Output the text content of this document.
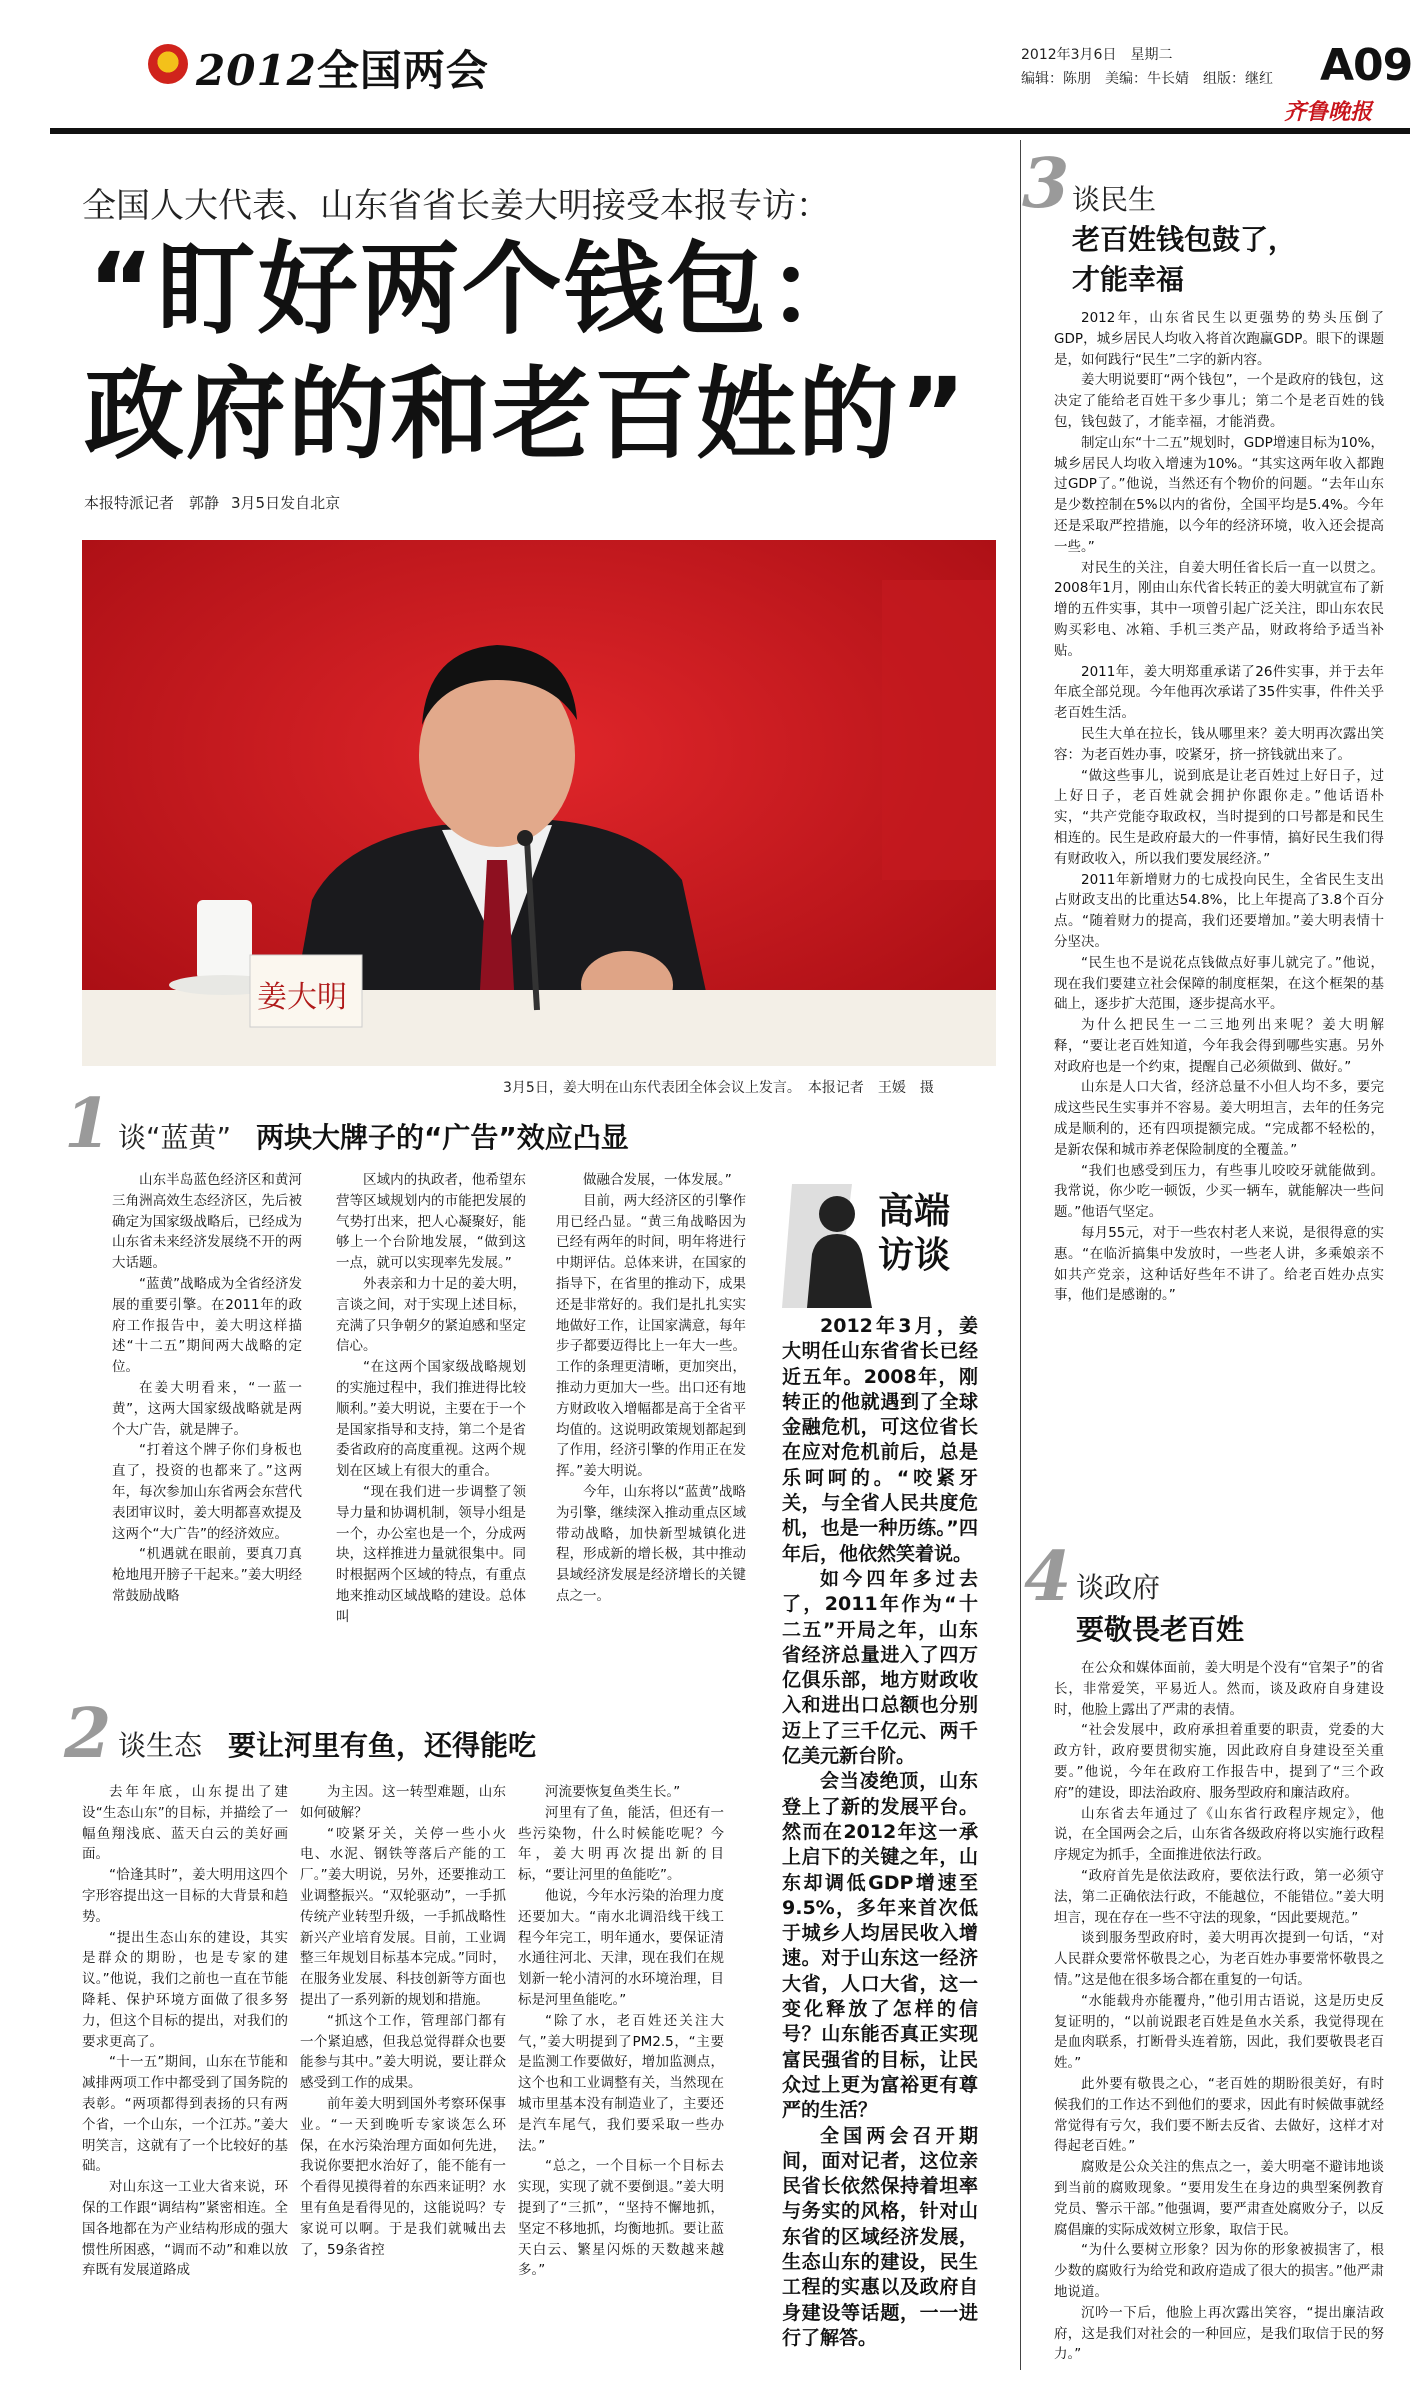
2012全国两会	2012年3月6日　 星期二
编辑：陈朋　美编：牛长婧　组版：继红 A09
齐鲁晚报
全国人大代表、山东省省长姜大明接受本报专访：
“盯好两个钱包：
政府的和老百姓的”
本报特派记者　郭静 3月5日发自北京
姜大明
3月5日，姜大明在山东代表团全体会议上发言。　本报记者　王媛　摄
3 谈民生
老百姓钱包鼓了，
才能幸福

2012年，山东省民生以更强势的势头压倒了GDP，城乡居民人均收入将首次跑赢GDP。眼下的课题是，如何践行“民生”二字的新内容。

姜大明说要盯“两个钱包”，一个是政府的钱包，这决定了能给老百姓干多少事儿；第二个是老百姓的钱包，钱包鼓了，才能幸福，才能消费。

制定山东“十二五”规划时，GDP增速目标为10%，城乡居民人均收入增速为10%。“其实这两年收入都跑过GDP了。”他说，当然还有个物价的问题。“去年山东是少数控制在5%以内的省份，全国平均是5.4%。今年还是采取严控措施，以今年的经济环境，收入还会提高一些。”

对民生的关注，自姜大明任省长后一直一以贯之。2008年1月，刚由山东代省长转正的姜大明就宣布了新增的五件实事，其中一项曾引起广泛关注，即山东农民购买彩电、冰箱、手机三类产品，财政将给予适当补贴。

2011年，姜大明郑重承诺了26件实事，并于去年年底全部兑现。今年他再次承诺了35件实事，件件关乎老百姓生活。

民生大单在拉长，钱从哪里来？姜大明再次露出笑容：为老百姓办事，咬紧牙，挤一挤钱就出来了。

“做这些事儿，说到底是让老百姓过上好日子，过上好日子，老百姓就会拥护你跟你走。”他话语朴实，“共产党能夺取政权，当时提到的口号都是和民生相连的。民生是政府最大的一件事情，搞好民生我们得有财政收入，所以我们要发展经济。”

2011年新增财力的七成投向民生，全省民生支出占财政支出的比重达54.8%，比上年提高了3.8个百分点。“随着财力的提高，我们还要增加。”姜大明表情十分坚决。

“民生也不是说花点钱做点好事儿就完了。”他说，现在我们要建立社会保障的制度框架，在这个框架的基础上，逐步扩大范围，逐步提高水平。

为什么把民生一二三地列出来呢？姜大明解释，“要让老百姓知道，今年我会得到哪些实惠。另外对政府也是一个约束，提醒自己必须做到、做好。”

山东是人口大省，经济总量不小但人均不多，要完成这些民生实事并不容易。姜大明坦言，去年的任务完成是顺利的，还有四项提额完成。“完成都不轻松的，是新农保和城市养老保险制度的全覆盖。”

“我们也感受到压力，有些事儿咬咬牙就能做到。我常说，你少吃一顿饭，少买一辆车，就能解决一些问题。”他语气坚定。

每月55元，对于一些农村老人来说，是很得意的实惠。“在临沂搞集中发放时，一些老人讲，多乘娘亲不如共产党亲，这种话好些年不讲了。给老百姓办点实事，他们是感谢的。”

4 谈政府
要敬畏老百姓

在公众和媒体面前，姜大明是个没有“官架子”的省长，非常爱笑，平易近人。然而，谈及政府自身建设时，他脸上露出了严肃的表情。

“社会发展中，政府承担着重要的职责，党委的大政方针，政府要贯彻实施，因此政府自身建设至关重要。”他说，今年在政府工作报告中，提到了“三个政府”的建设，即法治政府、服务型政府和廉洁政府。

山东省去年通过了《山东省行政程序规定》，他说，在全国两会之后，山东省各级政府将以实施行政程序规定为抓手，全面推进依法行政。

“政府首先是依法政府，要依法行政，第一必须守法，第二正确依法行政，不能越位，不能错位。”姜大明坦言，现在存在一些不守法的现象，“因此要规范。”

谈到服务型政府时，姜大明再次提到一句话，“对人民群众要常怀敬畏之心，为老百姓办事要常怀敬畏之情。”这是他在很多场合都在重复的一句话。

“水能载舟亦能覆舟，”他引用古语说，这是历史反复证明的，“以前说跟老百姓是鱼水关系，我觉得现在是血肉联系，打断骨头连着筋，因此，我们要敬畏老百姓。”

此外要有敬畏之心，“老百姓的期盼很美好，有时候我们的工作达不到他们的要求，因此有时候做事就经常觉得有亏欠，我们要不断去反省、去做好，这样才对得起老百姓。”

腐败是公众关注的焦点之一，姜大明毫不避讳地谈到当前的腐败现象。“要用发生在身边的典型案例教育党员、警示干部。”他强调，要严肃查处腐败分子，以反腐倡廉的实际成效树立形象，取信于民。

“为什么要树立形象？因为你的形象被损害了，根少数的腐败行为给党和政府造成了很大的损害。”他严肃地说道。

沉吟一下后，他脸上再次露出笑容，“提出廉洁政府，这是我们对社会的一种回应，是我们取信于民的努力。”

1 谈“蓝黄” 两块大牌子的“广告”效应凸显

山东半岛蓝色经济区和黄河三角洲高效生态经济区，先后被确定为国家级战略后，已经成为山东省未来经济发展绕不开的两大话题。

“蓝黄”战略成为全省经济发展的重要引擎。在2011年的政府工作报告中，姜大明这样描述“十二五”期间两大战略的定位。

在姜大明看来，“一蓝一黄”，这两大国家级战略就是两个大广告，就是牌子。

“打着这个牌子你们身板也直了，投资的也都来了。”这两年，每次参加山东省两会东营代表团审议时，姜大明都喜欢提及这两个“大广告”的经济效应。

“机遇就在眼前，要真刀真枪地甩开膀子干起来。”姜大明经常鼓励战略

区域内的执政者，他希望东营等区域规划内的市能把发展的气势打出来，把人心凝聚好，能够上一个台阶地发展，“做到这一点，就可以实现率先发展。”

外表亲和力十足的姜大明，言谈之间，对于实现上述目标，充满了只争朝夕的紧迫感和坚定信心。

“在这两个国家级战略规划的实施过程中，我们推进得比较顺利。”姜大明说，主要在于一个是国家指导和支持，第二个是省委省政府的高度重视。这两个规划在区域上有很大的重合。

“现在我们进一步调整了领导力量和协调机制，领导小组是一个，办公室也是一个，分成两块，这样推进力量就很集中。同时根据两个区域的特点，有重点地来推动区域战略的建设。总体叫

做融合发展，一体发展。”

目前，两大经济区的引擎作用已经凸显。“黄三角战略因为已经有两年的时间，明年将进行中期评估。总体来讲，在国家的指导下，在省里的推动下，成果还是非常好的。我们是扎扎实实地做好工作，让国家满意，每年步子都要迈得比上一年大一些。工作的条理更清晰，更加突出，推动力更加大一些。出口还有地方财政收入增幅都是高于全省平均值的。这说明政策规划都起到了作用，经济引擎的作用正在发挥。”姜大明说。

今年，山东将以“蓝黄”战略为引擎，继续深入推动重点区域带动战略，加快新型城镇化进程，形成新的增长极，其中推动县域经济发展是经济增长的关键点之一。

高端
访谈

2012年3月，姜大明任山东省省长已经近五年。2008年，刚转正的他就遇到了全球金融危机，可这位省长在应对危机前后，总是乐呵呵的。“咬紧牙关，与全省人民共度危机，也是一种历练。”四年后，他依然笑着说。

如今四年多过去了，2011年作为“十二五”开局之年，山东省经济总量进入了四万亿俱乐部，地方财政收入和进出口总额也分别迈上了三千亿元、两千亿美元新台阶。

会当凌绝顶，山东登上了新的发展平台。然而在2012年这一承上启下的关键之年，山东却调低GDP增速至9.5%，多年来首次低于城乡人均居民收入增速。对于山东这一经济大省，人口大省，这一变化释放了怎样的信号？山东能否真正实现富民强省的目标，让民众过上更为富裕更有尊严的生活？

全国两会召开期间，面对记者，这位亲民省长依然保持着坦率与务实的风格，针对山东省的区域经济发展，生态山东的建设，民生工程的实惠以及政府自身建设等话题，一一进行了解答。

2 谈生态 要让河里有鱼，还得能吃

去年年底，山东提出了建设“生态山东”的目标，并描绘了一幅鱼翔浅底、蓝天白云的美好画面。

“恰逢其时”，姜大明用这四个字形容提出这一目标的大背景和趋势。

“提出生态山东的建设，其实是群众的期盼，也是专家的建议。”他说，我们之前也一直在节能降耗、保护环境方面做了很多努力，但这个目标的提出，对我们的要求更高了。

“十一五”期间，山东在节能和减排两项工作中都受到了国务院的表彰。“两项都得到表扬的只有两个省，一个山东，一个江苏。”姜大明笑言，这就有了一个比较好的基础。

对山东这一工业大省来说，环保的工作跟“调结构”紧密相连。全国各地都在为产业结构形成的强大惯性所困惑，“调而不动”和难以放弃既有发展道路成

为主因。这一转型难题，山东如何破解？

“咬紧牙关，关停一些小火电、水泥、钢铁等落后产能的工厂。”姜大明说，另外，还要推动工业调整振兴。“双轮驱动”，一手抓传统产业转型升级，一手抓战略性新兴产业培育发展。目前，工业调整三年规划目标基本完成。”同时，在服务业发展、科技创新等方面也提出了一系列新的规划和措施。

“抓这个工作，管理部门都有一个紧迫感，但我总觉得群众也要能参与其中。”姜大明说，要让群众感受到工作的成果。

前年姜大明到国外考察环保事业。“一天到晚听专家谈怎么环保，在水污染治理方面如何先进，我说你要把水治好了，能不能有一个看得见摸得着的东西来证明？水里有鱼是看得见的，这能说吗？专家说可以啊。于是我们就喊出去了，59条省控

河流要恢复鱼类生长。”

河里有了鱼，能活，但还有一些污染物，什么时候能吃呢？今年，姜大明再次提出新的目标，“要让河里的鱼能吃”。

他说，今年水污染的治理力度还要加大。“南水北调沿线干线工程今年完工，明年通水，要保证清水通往河北、天津，现在我们在规划新一轮小清河的水环境治理，目标是河里鱼能吃。”

“除了水，老百姓还关注大气，”姜大明提到了PM2.5，“主要是监测工作要做好，增加监测点，这个也和工业调整有关，当然现在城市里基本没有制造业了，主要还是汽车尾气，我们要采取一些办法。”

“总之，一个目标一个目标去实现，实现了就不要倒退。”姜大明提到了“三抓”，“坚持不懈地抓，坚定不移地抓，均衡地抓。要让蓝天白云、繁星闪烁的天数越来越多。”
